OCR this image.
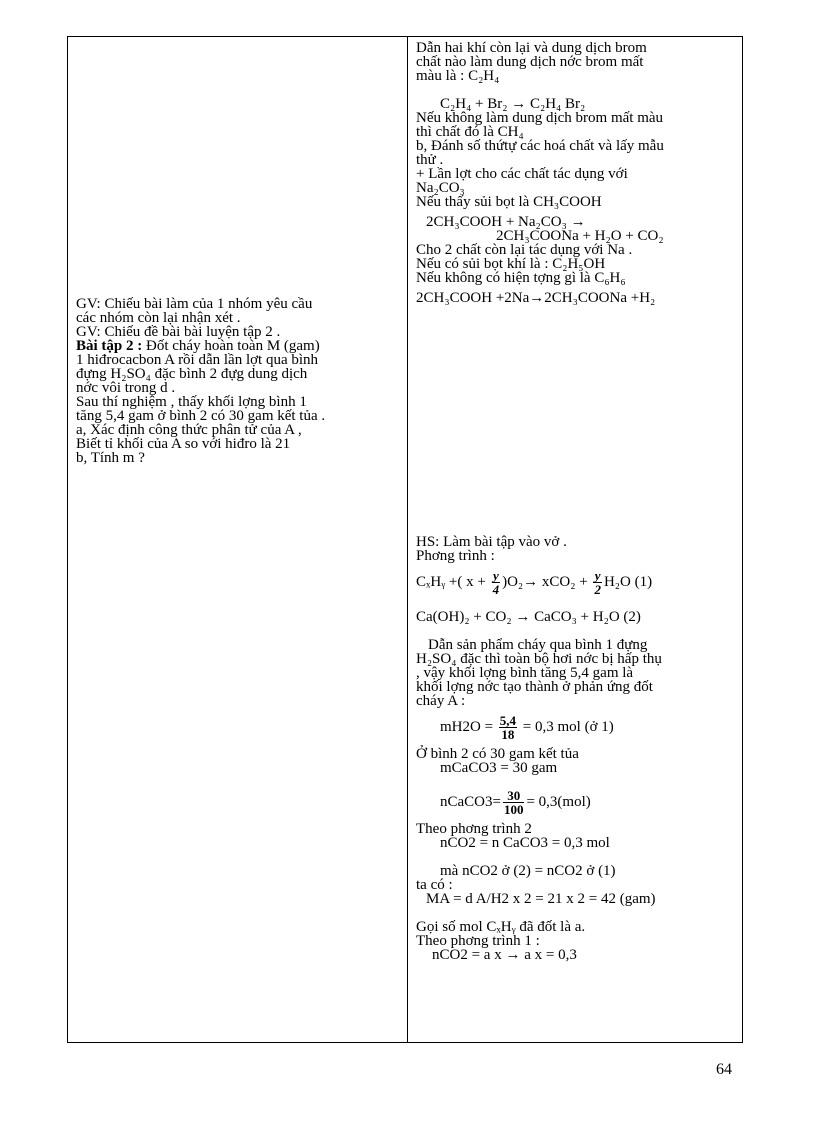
GV: Chiếu bài làm của 1 nhóm yêu cầu
các nhóm còn lại nhận xét .
GV: Chiếu đề bài bài luyện tập 2 .
Bài tập 2 : Đốt cháy hoàn toàn M (gam)
1 hiđrocacbon A rồi dẫn lần lợt qua bình
đựng H₂SO₄ đặc bình 2 đựg dung dịch
nớc vôi trong d .
Sau thí nghiệm , thấy khối lợng bình 1
tăng 5,4 gam ở bình 2 có 30 gam kết tủa .
a, Xác định công thức phân tử của A ,
Biết tỉ khối của A so với hiđro là 21
b, Tính m ?

Dẫn hai khí còn lại và dung dịch brom
chất nào làm dung dịch nớc brom mất
màu là : C₂H₄
C₂H₄ + Br₂ → C₂H₄ Br₂
Nếu không làm dung dịch brom mất màu
thì chất đó là CH₄
b, Đánh số thứtự các hoá chất và lấy mẫu
thử .
+ Lần lợt cho các chất tác dụng với
Na₂CO₃
Nếu thấy sủi bọt là CH₃COOH
2CH₃COOH + Na₂CO₃ →
2CH₃COONa + H₂O + CO₂
Cho 2 chất còn lại tác dụng với Na .
Nếu có sủi bọt khí là : C₂H₅OH
Nếu không có hiện tợng gì là C₆H₆
2CH₃COOH +2Na→2CH₃COONa +H₂
HS: Làm bài tập vào vở .
Phơng trình :
CₓHᵧ +( $x + \frac{y}{4} )O_2\to xCO_2 + \frac{y}{2} H_2O$ (1)
Ca(OH)₂ + CO₂ → CaCO₃ + H₂O (2)
Dẫn sản phẩm cháy qua bình 1 đựng
H₂SO₄ đặc thì toàn bộ hơi nớc bị hấp thụ
, vậy khối lợng bình tăng 5,4 gam là
khối lợng nớc tạo thành ở phản ứng đốt
cháy A :
$mH2O = \frac{5,4}{18} = 0,3$ mol (ở 1)
Ở bình 2 có 30 gam kết tủa
mCaCO3 = 30 gam
nCaCO3= $\frac{30}{100} = 0,3(mol)$
Theo phơng trình 2
nCO2 = n CaCO3 = 0,3 mol
mà nCO2 ở (2) = nCO2 ở (1)
ta có :
MA = d A/H2 x 2 = 21 x 2 = 42 (gam)
Gọi số mol CₓHᵧ đã đốt là a.
Theo phơng trình 1 :
nCO2 = a x → a x = 0,3
64
